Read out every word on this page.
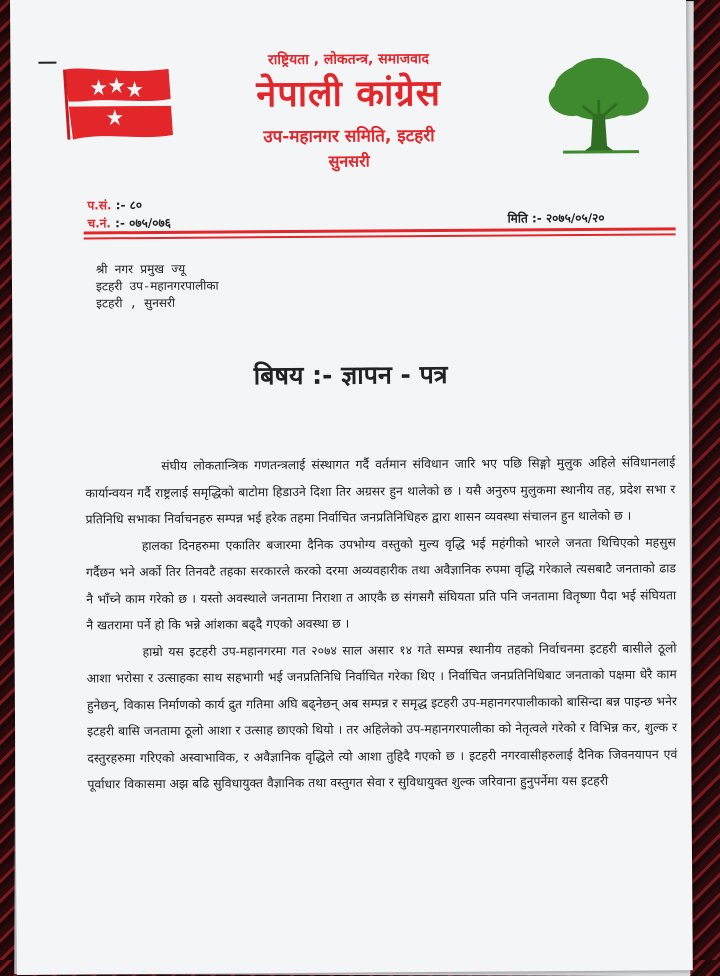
राष्ट्रियता , लोकतन्त्र, समाजवाद
नेपाली कांग्रेस
उप-महानगर समिति, इटहरी
सुनसरी
प.सं. :- ८०
च.नं. :- ०७५/०७६	मिति :- २०७५/०५/२०
श्री नगर प्रमुख ज्यू
इटहरी उप-महानगरपालीका
इटहरी , सुनसरी
बिषय :- ज्ञापन - पत्र

संघीय लोकतान्त्रिक गणतन्त्रलाई संस्थागत गर्दै वर्तमान संविधान जारि भए पछि सिङ्गो मुलुक अहिले संविधानलाई कार्यान्वयन गर्दै राष्ट्रलाई समृद्धिको बाटोमा हिडाउने दिशा तिर अग्रसर हुन थालेको छ । यसै अनुरुप मुलुकमा स्थानीय तह, प्रदेश सभा र प्रतिनिधि सभाका निर्वाचनहरु सम्पन्न भई हरेक तहमा निर्वाचित जनप्रतिनिधिहरु द्वारा शासन व्यवस्था संचालन हुन थालेको छ ।

हालका दिनहरुमा एकातिर बजारमा दैनिक उपभोग्य वस्तुको मुल्य वृद्धि भई महंगीको भारले जनता थिचिएको महसुस गर्दैछन भने अर्को तिर तिनवटै तहका सरकारले करको दरमा अव्यवहारीक तथा अवैज्ञानिक रुपमा वृद्धि गरेकाले त्यसबाटै जनताको ढाड नै भाँच्ने काम गरेको छ । यस्तो अवस्थाले जनतामा निराशा त आएकै छ संगसगै संघियता प्रति पनि जनतामा वितृष्णा पैदा भई संघियता नै खतरामा पर्ने हो कि भन्ने आंशका बढ्दै गएको अवस्था छ ।

हाम्रो यस इटहरी उप-महानगरमा गत २०७४ साल असार १४ गते सम्पन्न स्थानीय तहको निर्वाचनमा इटहरी बासीले ठूलो आशा भरोसा र उत्साहका साथ सहभागी भई जनप्रतिनिधि निर्वाचित गरेका थिए । निर्वाचित जनप्रतिनिधिबाट जनताको पक्षमा धेरै काम हुनेछन्, विकास निर्माणको कार्य द्रुत गतिमा अघि बढ्नेछन् अब सम्पन्न र समृद्ध इटहरी उप-महानगरपालीकाको बासिन्दा बन्न पाइन्छ भनेर इटहरी बासि जनतामा ठूलो आशा र उत्साह छाएको थियो । तर अहिलेको उप-महानगरपालीका को नेतृत्वले गरेको र विभिन्न कर, शुल्क र दस्तुरहरुमा गरिएको अस्वाभाविक, र अवैज्ञानिक वृद्धिले त्यो आशा तुहिदै गएको छ । इटहरी नगरवासीहरुलाई दैनिक जिवनयापन एवं पूर्वाधार विकासमा अझ बढि सुविधायुक्त वैज्ञानिक तथा वस्तुगत सेवा र सुविधायुक्त शुल्क जरिवाना हुनुपर्नेमा यस इटहरी
